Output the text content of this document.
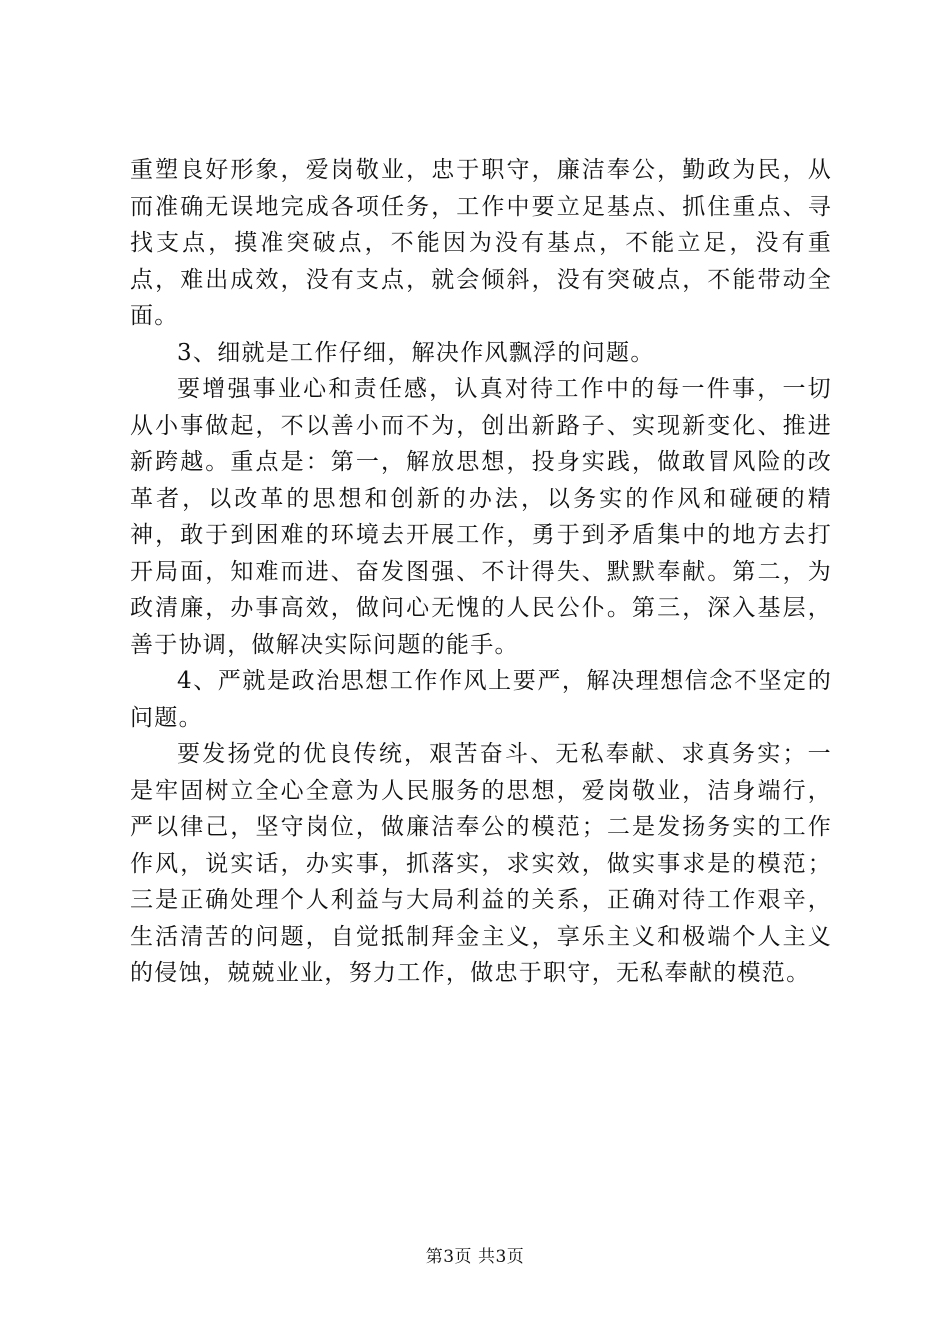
重塑良好形象，爱岗敬业，忠于职守，廉洁奉公，勤政为民，从而准确无误地完成各项任务，工作中要立足基点、抓住重点、寻找支点，摸准突破点，不能因为没有基点，不能立足，没有重点，难出成效，没有支点，就会倾斜，没有突破点，不能带动全面。

3、细就是工作仔细，解决作风飘浮的问题。

要增强事业心和责任感，认真对待工作中的每一件事，一切从小事做起，不以善小而不为，创出新路子、实现新变化、推进新跨越。重点是：第一，解放思想，投身实践，做敢冒风险的改革者，以改革的思想和创新的办法，以务实的作风和碰硬的精神，敢于到困难的环境去开展工作，勇于到矛盾集中的地方去打开局面，知难而进、奋发图强、不计得失、默默奉献。第二，为政清廉，办事高效，做问心无愧的人民公仆。第三，深入基层，善于协调，做解决实际问题的能手。

4、严就是政治思想工作作风上要严，解决理想信念不坚定的问题。

要发扬党的优良传统，艰苦奋斗、无私奉献、求真务实；一是牢固树立全心全意为人民服务的思想，爱岗敬业，洁身端行，严以律己，坚守岗位，做廉洁奉公的模范；二是发扬务实的工作作风，说实话，办实事，抓落实，求实效，做实事求是的模范；三是正确处理个人利益与大局利益的关系，正确对待工作艰辛，生活清苦的问题，自觉抵制拜金主义，享乐主义和极端个人主义的侵蚀，兢兢业业，努力工作，做忠于职守，无私奉献的模范。

第3页 共3页
